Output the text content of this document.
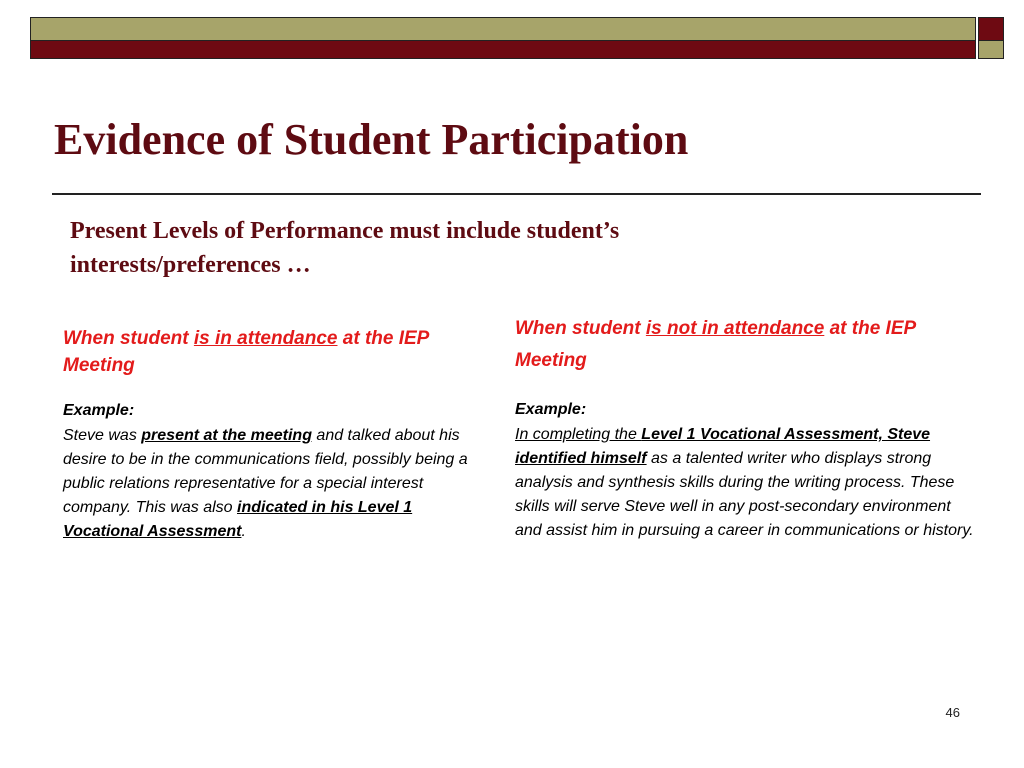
Evidence of Student Participation

Present Levels of Performance must include student’s
interests/preferences …

When student is in attendance at the IEP Meeting

Example:

Steve was present at the meeting and talked about his desire to be in the communications field, possibly being a public relations representative for a special interest company. This was also indicated in his Level 1 Vocational Assessment.

When student is not in attendance at the IEP Meeting

Example:

In completing the Level 1 Vocational Assessment, Steve identified himself as a talented writer who displays strong analysis and synthesis skills during the writing process. These skills will serve Steve well in any post-secondary environment and assist him in pursuing a career in communications or history.

46
